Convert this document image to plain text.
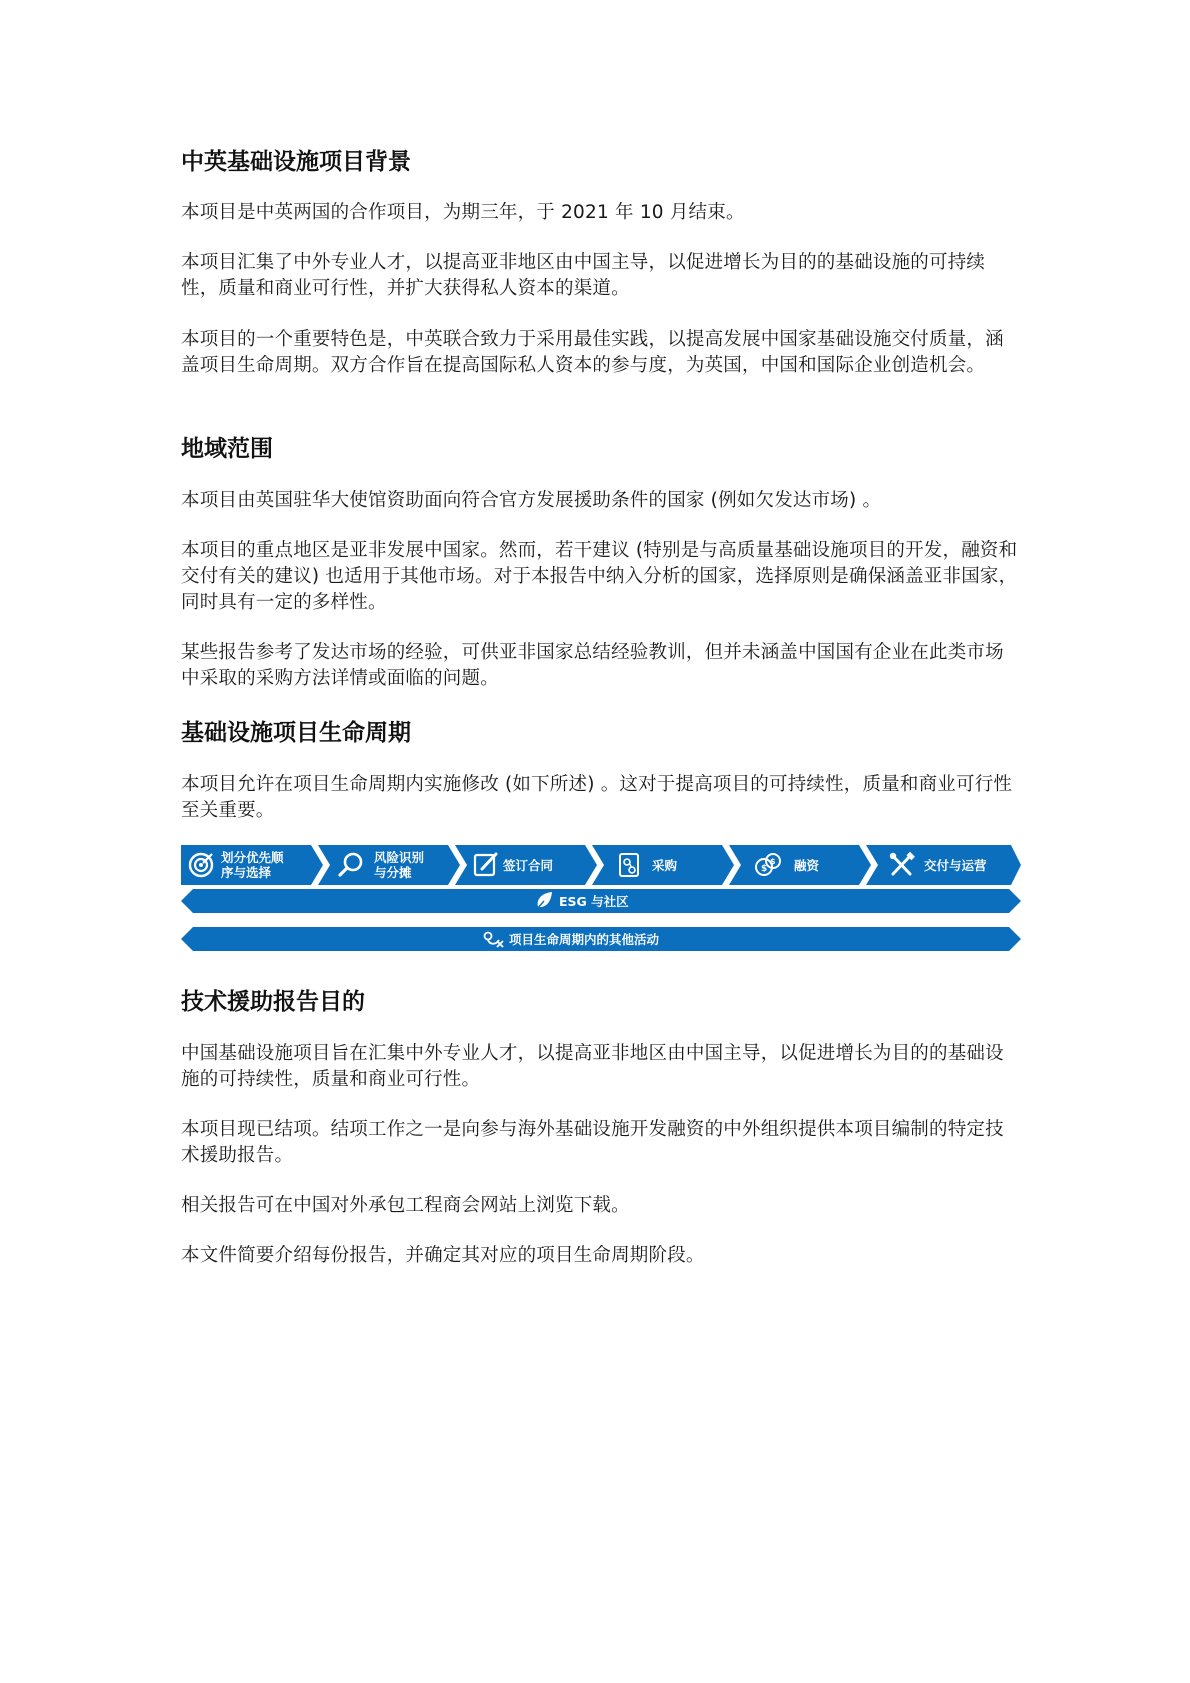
中英基础设施项目背景

本项目是中英两国的合作项目，为期三年，于 2021 年 10 月结束。

本项目汇集了中外专业人才，以提高亚非地区由中国主导，以促进增长为目的的基础设施的可持续性，质量和商业可行性，并扩大获得私人资本的渠道。

本项目的一个重要特色是，中英联合致力于采用最佳实践，以提高发展中国家基础设施交付质量，涵盖项目生命周期。双方合作旨在提高国际私人资本的参与度，为英国，中国和国际企业创造机会。

地域范围

本项目由英国驻华大使馆资助面向符合官方发展援助条件的国家 (例如欠发达市场) 。

本项目的重点地区是亚非发展中国家。然而，若干建议 (特别是与高质量基础设施项目的开发，融资和交付有关的建议) 也适用于其他市场。对于本报告中纳入分析的国家，选择原则是确保涵盖亚非国家，同时具有一定的多样性。

某些报告参考了发达市场的经验，可供亚非国家总结经验教训，但并未涵盖中国国有企业在此类市场中采取的采购方法详情或面临的问题。

基础设施项目生命周期

本项目允许在项目生命周期内实施修改 (如下所述) 。这对于提高项目的可持续性，质量和商业可行性至关重要。

划分优先顺
序与选择
风险识别
与分摊	签订合同	采购	$
$ 融资	交付与运营
ESG 与社区
项目生命周期内的其他活动
技术援助报告目的

中国基础设施项目旨在汇集中外专业人才，以提高亚非地区由中国主导，以促进增长为目的的基础设施的可持续性，质量和商业可行性。

本项目现已结项。结项工作之一是向参与海外基础设施开发融资的中外组织提供本项目编制的特定技术援助报告。

相关报告可在中国对外承包工程商会网站上浏览下载。

本文件简要介绍每份报告，并确定其对应的项目生命周期阶段。
